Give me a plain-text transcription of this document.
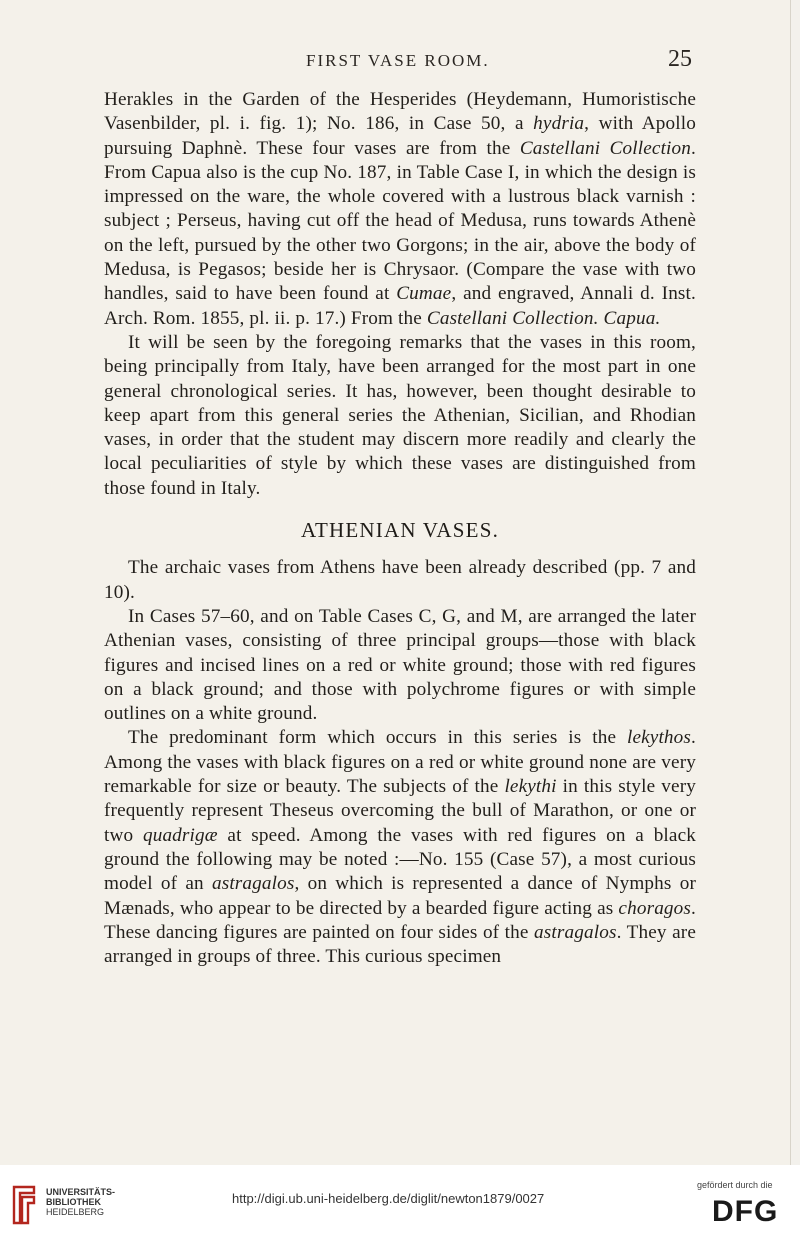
FIRST VASE ROOM.	25

Herakles in the Garden of the Hesperides (Heydemann, Humoristische Vasenbilder, pl. i. fig. 1); No. 186, in Case 50, a hydria, with Apollo pursuing Daphnè. These four vases are from the Castellani Collection. From Capua also is the cup No. 187, in Table Case I, in which the design is impressed on the ware, the whole covered with a lustrous black varnish : subject ; Perseus, having cut off the head of Medusa, runs towards Athenè on the left, pursued by the other two Gorgons; in the air, above the body of Medusa, is Pegasos; beside her is Chrysaor. (Compare the vase with two handles, said to have been found at Cumae, and engraved, Annali d. Inst. Arch. Rom. 1855, pl. ii. p. 17.) From the Castellani Collection. Capua.

It will be seen by the foregoing remarks that the vases in this room, being principally from Italy, have been arranged for the most part in one general chronological series. It has, however, been thought desirable to keep apart from this general series the Athenian, Sicilian, and Rhodian vases, in order that the student may discern more readily and clearly the local peculiarities of style by which these vases are distinguished from those found in Italy.

ATHENIAN VASES.

The archaic vases from Athens have been already described (pp. 7 and 10).

In Cases 57–60, and on Table Cases C, G, and M, are arranged the later Athenian vases, consisting of three principal groups—those with black figures and incised lines on a red or white ground; those with red figures on a black ground; and those with polychrome figures or with simple outlines on a white ground.

The predominant form which occurs in this series is the lekythos. Among the vases with black figures on a red or white ground none are very remarkable for size or beauty. The subjects of the lekythi in this style very frequently represent Theseus overcoming the bull of Marathon, or one or two quadrigæ at speed. Among the vases with red figures on a black ground the following may be noted :—No. 155 (Case 57), a most curious model of an astragalos, on which is represented a dance of Nymphs or Mænads, who appear to be directed by a bearded figure acting as choragos. These dancing figures are painted on four sides of the astragalos. They are arranged in groups of three. This curious specimen

UNIVERSITÄTS-
BIBLIOTHEK
HEIDELBERG
http://digi.ub.uni-heidelberg.de/diglit/newton1879/0027
gefördert durch die
DFG
